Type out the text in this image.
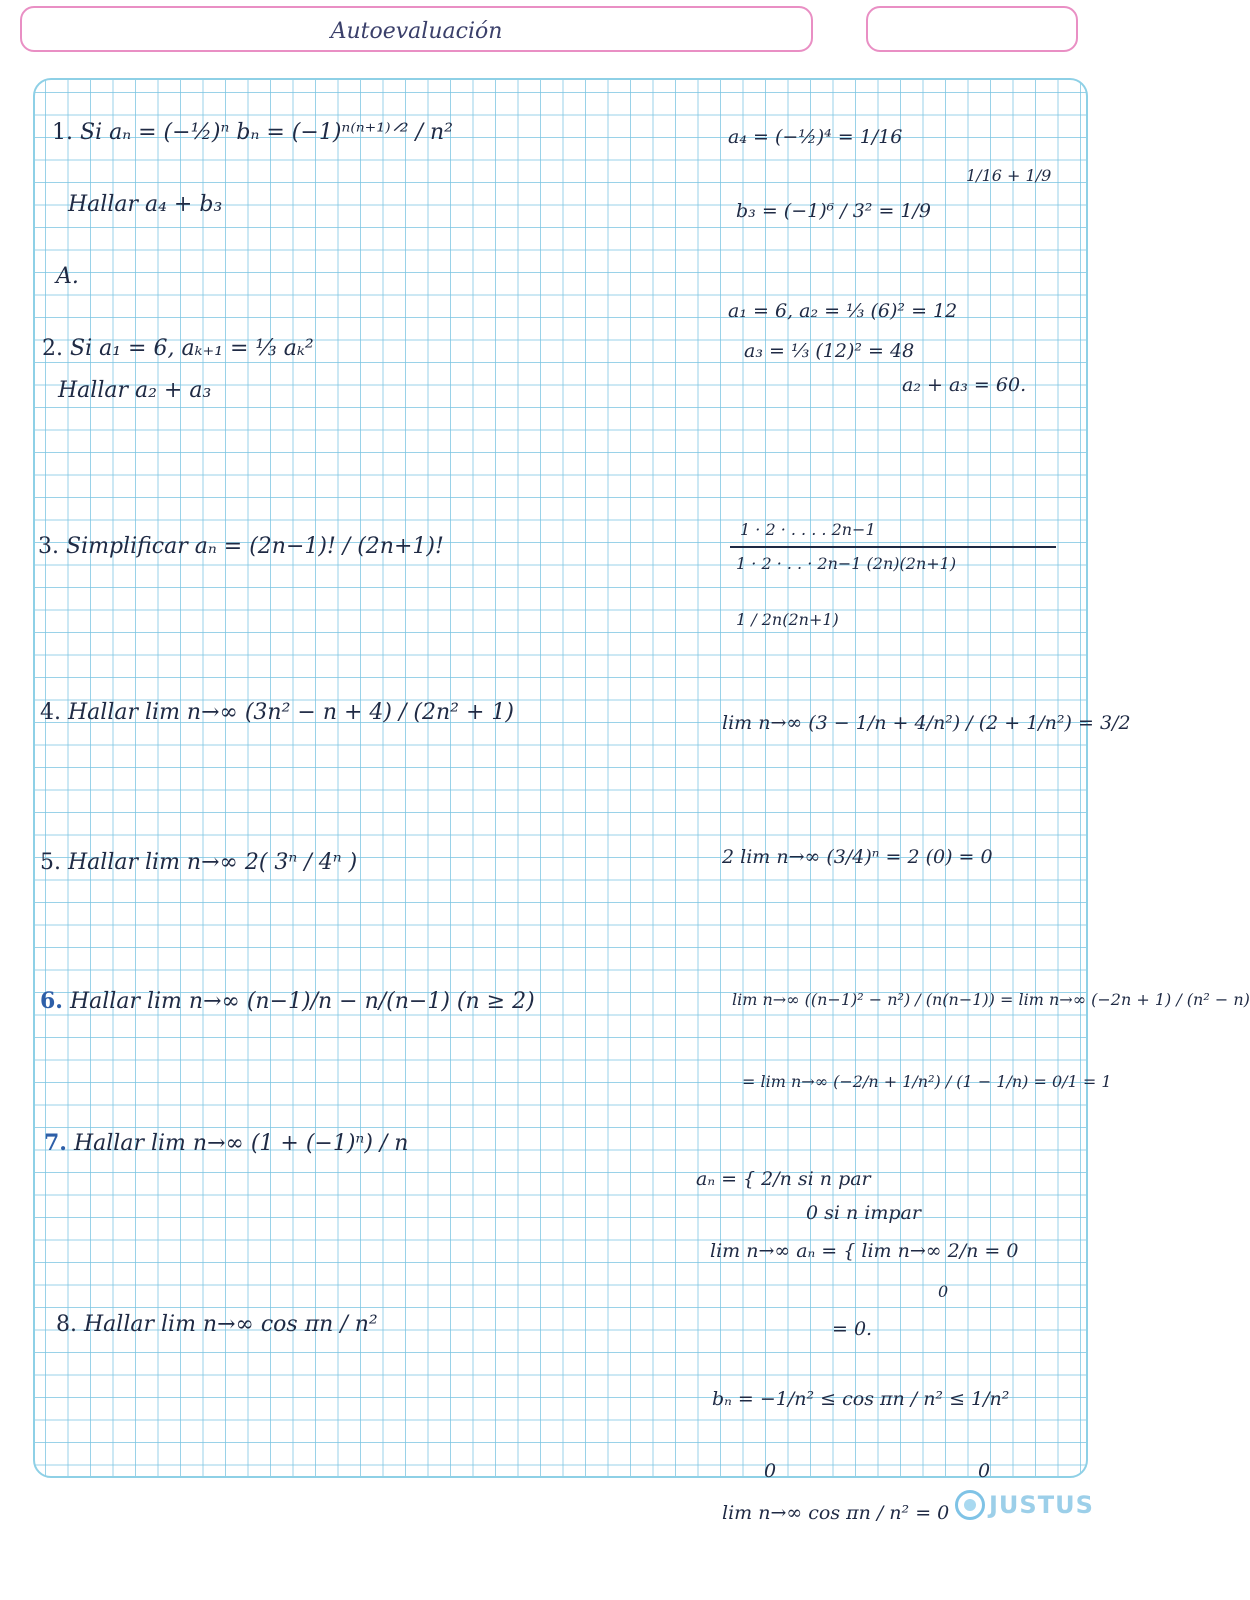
Autoevaluación
1. Si aₙ = (−½)ⁿ bₙ = (−1)ⁿ⁽ⁿ⁺¹⁾ᐟ² / n²
Hallar a₄ + b₃
A.
2. Si a₁ = 6, aₖ₊₁ = ⅓ aₖ²
Hallar a₂ + a₃
3. Simplificar aₙ = (2n−1)! / (2n+1)!
4. Hallar lim n→∞ (3n² − n + 4) / (2n² + 1)
5. Hallar lim n→∞ 2( 3ⁿ / 4ⁿ )
6. Hallar lim n→∞ (n−1)/n − n/(n−1) (n ≥ 2)
7. Hallar lim n→∞ (1 + (−1)ⁿ) / n
8. Hallar lim n→∞ cos πn / n²
a₄ = (−½)⁴ = 1/16
1/16 + 1/9
b₃ = (−1)⁶ / 3² = 1/9
a₁ = 6, a₂ = ⅓ (6)² = 12
a₃ = ⅓ (12)² = 48
a₂ + a₃ = 60.
1 · 2 · . . . . 2n−1
1 · 2 · . . · 2n−1 (2n)(2n+1)
1 / 2n(2n+1)
lim n→∞ (3 − 1/n + 4/n²) / (2 + 1/n²) = 3/2
2 lim n→∞ (3/4)ⁿ = 2 (0) = 0
lim n→∞ ((n−1)² − n²) / (n(n−1)) = lim n→∞ (−2n + 1) / (n² − n)
= lim n→∞ (−2/n + 1/n²) / (1 − 1/n) = 0/1 = 1
aₙ = { 2/n si n par
0 si n impar
lim n→∞ aₙ = { lim n→∞ 2/n = 0
0
= 0.
bₙ = −1/n² ≤ cos πn / n² ≤ 1/n²
0	0
lim n→∞ cos πn / n² = 0 JUSTUS
